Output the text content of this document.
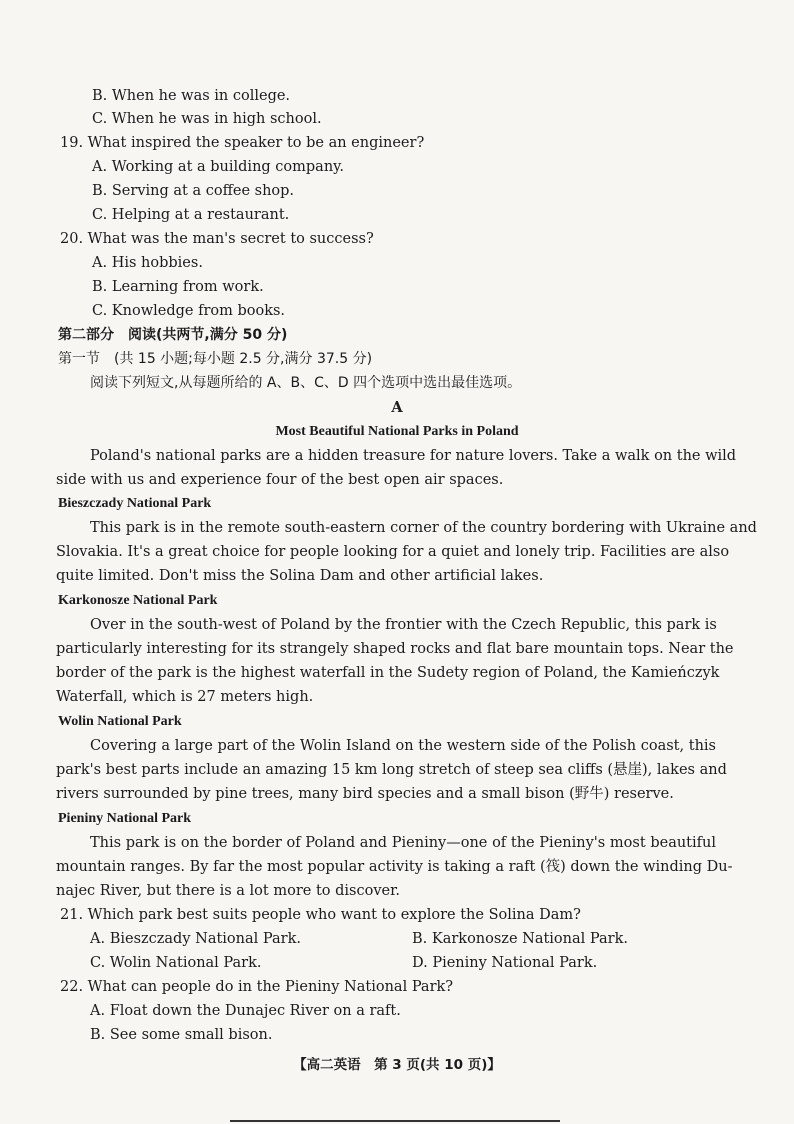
B. When he was in college.
C. When he was in high school.
19. What inspired the speaker to be an engineer?
A. Working at a building company.
B. Serving at a coffee shop.
C. Helping at a restaurant.
20. What was the man's secret to success?
A. His hobbies.
B. Learning from work.
C. Knowledge from books.
第二部分　阅读(共两节,满分 50 分)
第一节　(共 15 小题;每小题 2.5 分,满分 37.5 分)
阅读下列短文,从每题所给的 A、B、C、D 四个选项中选出最佳选项。
A
Most Beautiful National Parks in Poland
Poland's national parks are a hidden treasure for nature lovers. Take a walk on the wild
side with us and experience four of the best open air spaces.
Bieszczady National Park
This park is in the remote south-eastern corner of the country bordering with Ukraine and
Slovakia. It's a great choice for people looking for a quiet and lonely trip. Facilities are also
quite limited. Don't miss the Solina Dam and other artificial lakes.
Karkonosze National Park
Over in the south-west of Poland by the frontier with the Czech Republic, this park is
particularly interesting for its strangely shaped rocks and flat bare mountain tops. Near the
border of the park is the highest waterfall in the Sudety region of Poland, the Kamieńczyk
Waterfall, which is 27 meters high.
Wolin National Park
Covering a large part of the Wolin Island on the western side of the Polish coast, this
park's best parts include an amazing 15 km long stretch of steep sea cliffs (悬崖), lakes and
rivers surrounded by pine trees, many bird species and a small bison (野牛) reserve.
Pieniny National Park
This park is on the border of Poland and Pieniny—one of the Pieniny's most beautiful
mountain ranges. By far the most popular activity is taking a raft (筏) down the winding Du-
najec River, but there is a lot more to discover.
21. Which park best suits people who want to explore the Solina Dam?
A. Bieszczady National Park.	B. Karkonosze National Park.
C. Wolin National Park.	D. Pieniny National Park.
22. What can people do in the Pieniny National Park?
A. Float down the Dunajec River on a raft.
B. See some small bison.
【高二英语　第 3 页(共 10 页)】
